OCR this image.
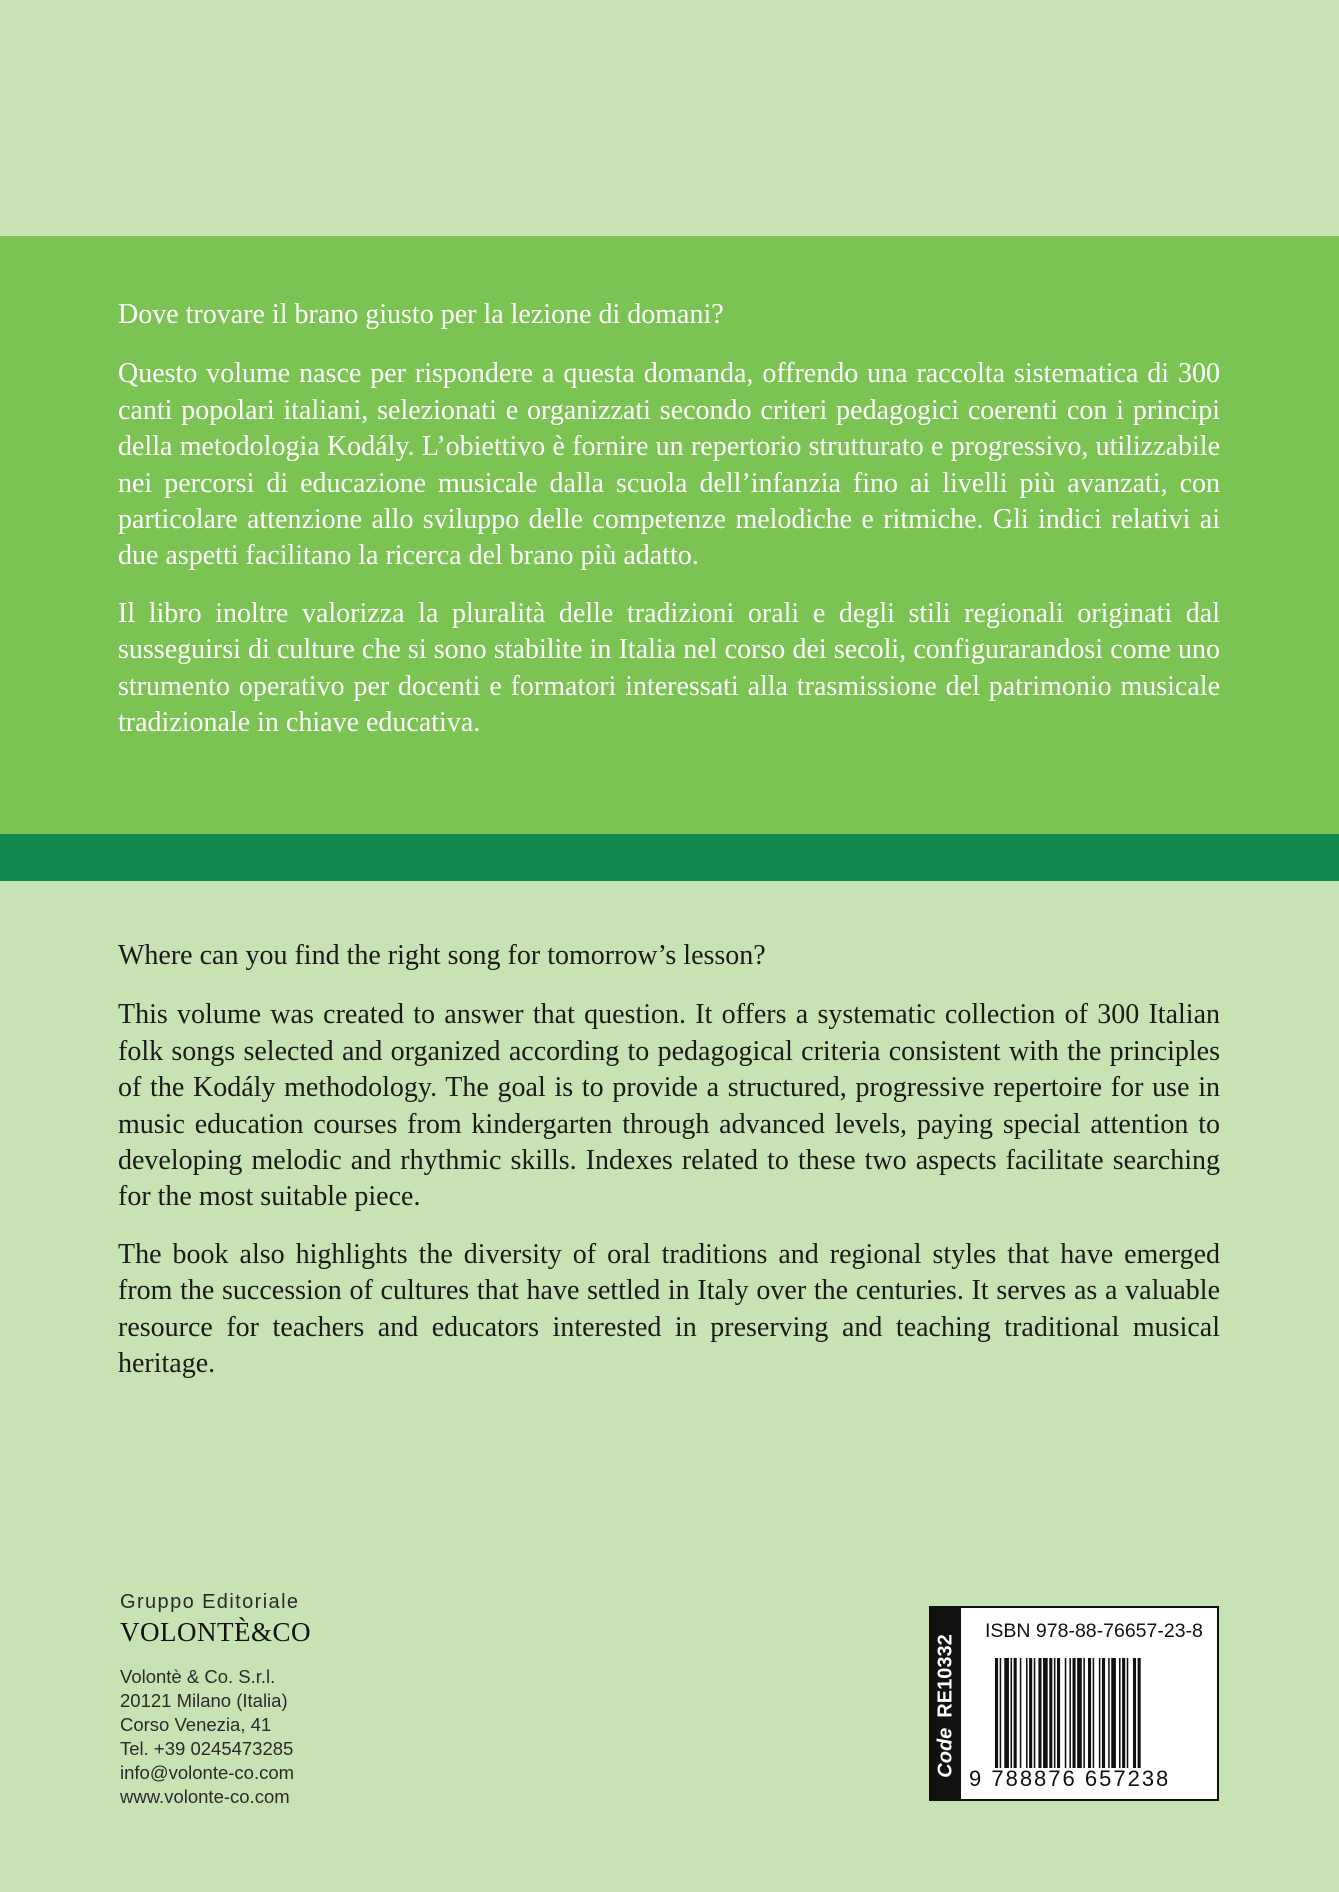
Dove trovare il brano giusto per la lezione di domani?

Questo volume nasce per rispondere a questa domanda, offrendo una raccolta sistematica di 300 canti popolari italiani, selezionati e organizzati secondo criteri pedagogici coerenti con i principi della metodologia Kodály. L’obiettivo è fornire un repertorio strutturato e progressivo, utilizzabile nei percorsi di educazione musicale dalla scuola dell’infanzia fino ai livelli più avanzati, con particolare attenzione allo sviluppo delle competenze melodiche e ritmiche. Gli indici relativi ai due aspetti facilitano la ricerca del brano più adatto.

Il libro inoltre valorizza la pluralità delle tradizioni orali e degli stili regionali originati dal susseguirsi di culture che si sono stabilite in Italia nel corso dei secoli, configurarandosi come uno strumento operativo per docenti e formatori interessati alla trasmissione del patrimonio musicale tradizionale in chiave educativa.

Where can you find the right song for tomorrow’s lesson?

This volume was created to answer that question. It offers a systematic collection of 300 Italian folk songs selected and organized according to pedagogical criteria consistent with the principles of the Kodály methodology. The goal is to provide a structured, progressive repertoire for use in music education courses from kindergarten through advanced levels, paying special attention to developing melodic and rhythmic skills. Indexes related to these two aspects facilitate searching for the most suitable piece.

The book also highlights the diversity of oral traditions and regional styles that have emerged from the succession of cultures that have settled in Italy over the centuries. It serves as a valuable resource for teachers and educators interested in preserving and teaching traditional musical heritage.

Gruppo Editoriale
VOLONTÈ&CO
Volontè & Co. S.r.l.
20121 Milano (Italia)
Corso Venezia, 41
Tel. +39 0245473285
info@volonte-co.com
www.volonte-co.com
CodeRE10332
ISBN 978-88-76657-23-8
9 788876 657238
